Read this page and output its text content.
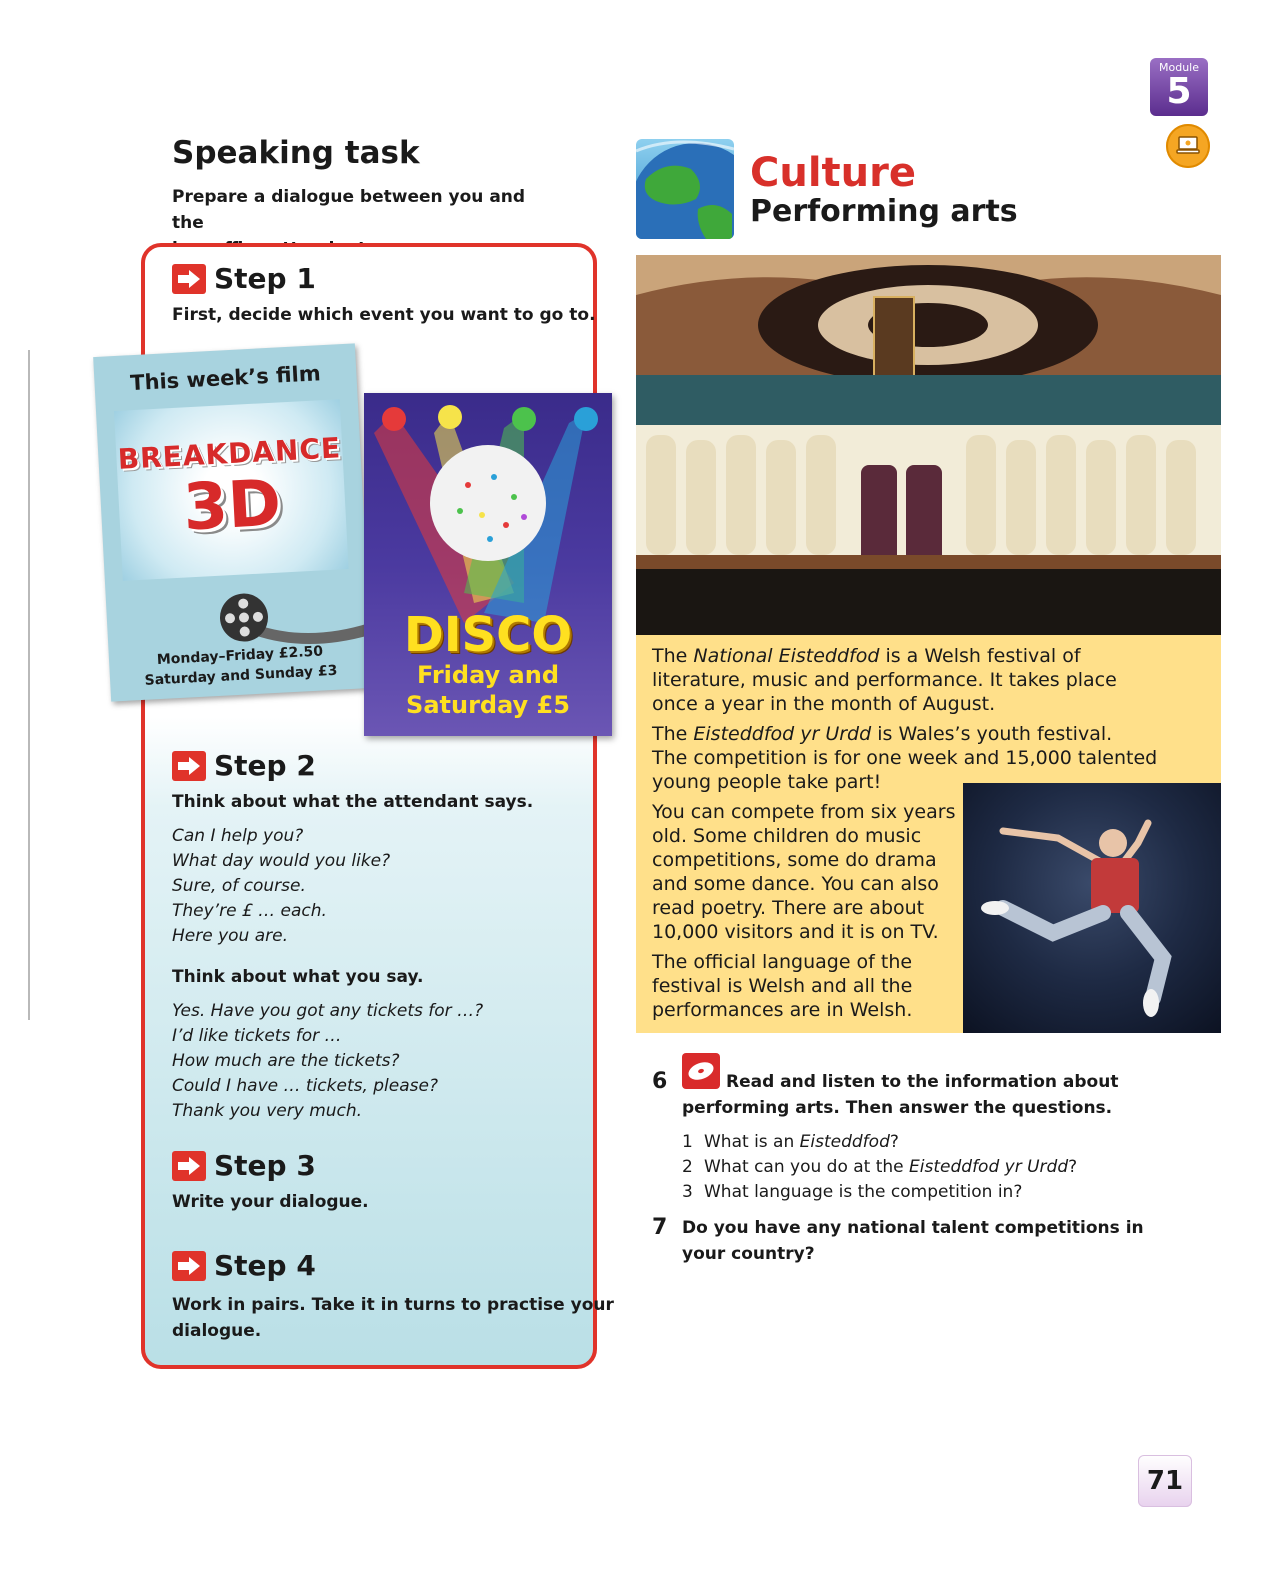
Module
5
Speaking task
Prepare a dialogue between you and the
Step 1
First, decide which event you want to go to.
This week’s film
BREAKDANCE
3D
Monday–Friday £2.50
Saturday and Sunday £3
DISCO
Friday and
Saturday £5
Step 2
Think about what the attendant says.
Can I help you?
What day would you like?
Sure, of course.
They’re £ … each.
Here you are.
Think about what you say.
Yes. Have you got any tickets for …?
I’d like tickets for …
How much are the tickets?
Could I have … tickets, please?
Thank you very much.
Step 3
Write your dialogue.
Step 4
Work in pairs. Take it in turns to practise your
dialogue.
Culture
Performing arts
The National Eisteddfod is a Welsh festival of
literature, music and performance. It takes place
once a year in the month of August.
The Eisteddfod yr Urdd is Wales’s youth festival.
The competition is for one week and 15,000 talented
young people take part!
You can compete from six years
old. Some children do music
competitions, some do drama
and some dance. You can also
read poetry. There are about
10,000 visitors and it is on TV.
The official language of the
festival is Welsh and all the
performances are in Welsh.
6	Read and listen to the information about
performing arts. Then answer the questions.
1 What is an Eisteddfod?
2 What can you do at the Eisteddfod yr Urdd?
3 What language is the competition in?
7 Do you have any national talent competitions in
your country?
71
